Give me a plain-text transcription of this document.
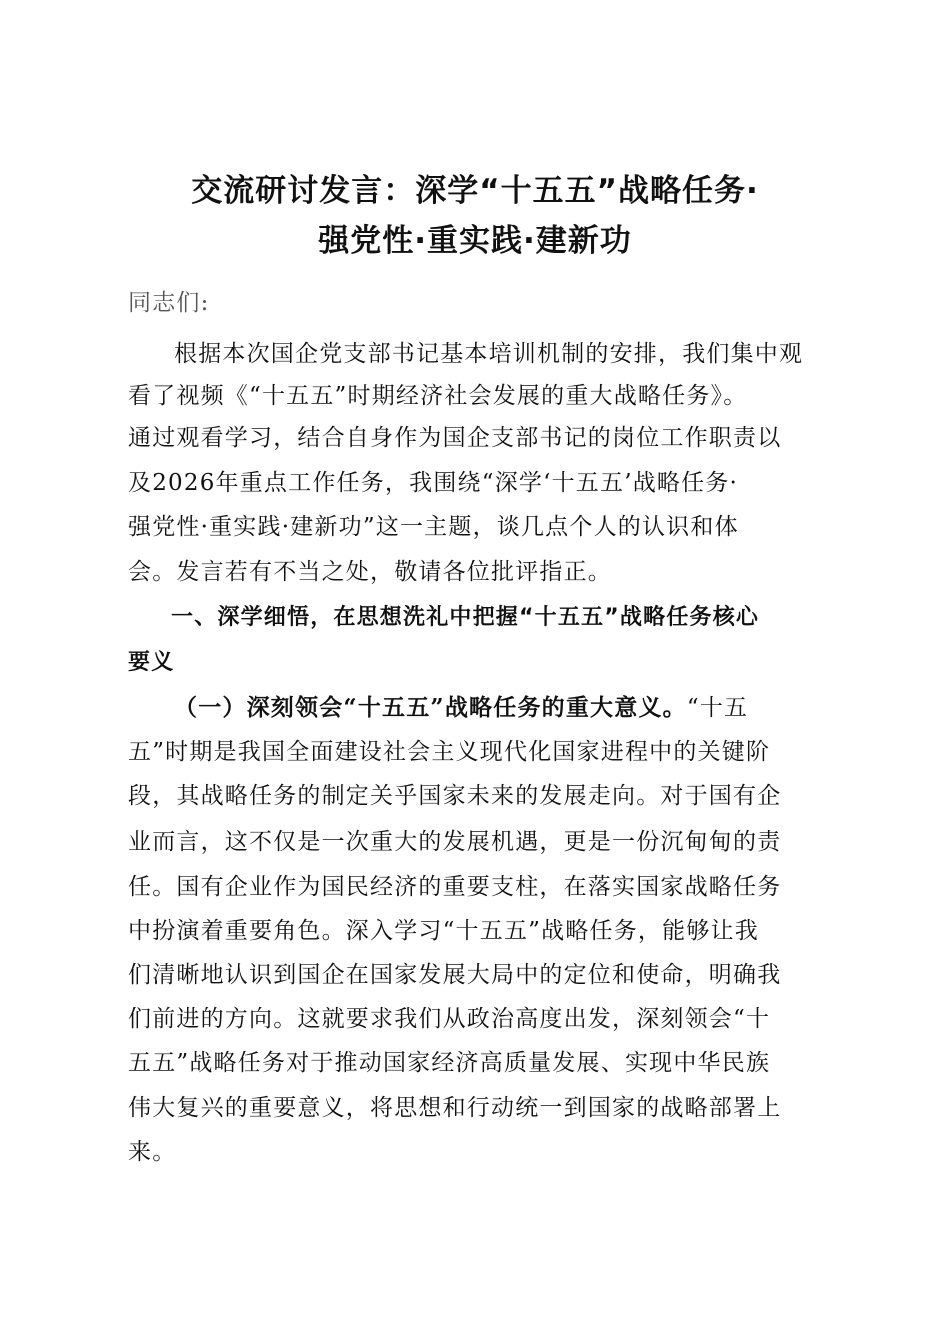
交流研讨发言：深学“十五五”战略任务·
强党性·重实践·建新功
同志们:
根据本次国企党支部书记基本培训机制的安排，我们集中观
看了视频《“十五五”时期经济社会发展的重大战略任务》。
通过观看学习，结合自身作为国企支部书记的岗位工作职责以
及2026年重点工作任务，我围绕“深学‘十五五’战略任务·
强党性·重实践·建新功”这一主题，谈几点个人的认识和体
会。发言若有不当之处，敬请各位批评指正。
一、深学细悟，在思想洗礼中把握“十五五”战略任务核心
要义
（一）深刻领会“十五五”战略任务的重大意义。“十五
五”时期是我国全面建设社会主义现代化国家进程中的关键阶
段，其战略任务的制定关乎国家未来的发展走向。对于国有企
业而言，这不仅是一次重大的发展机遇，更是一份沉甸甸的责
任。国有企业作为国民经济的重要支柱，在落实国家战略任务
中扮演着重要角色。深入学习“十五五”战略任务，能够让我
们清晰地认识到国企在国家发展大局中的定位和使命，明确我
们前进的方向。这就要求我们从政治高度出发，深刻领会“十
五五”战略任务对于推动国家经济高质量发展、实现中华民族
伟大复兴的重要意义，将思想和行动统一到国家的战略部署上
来。
